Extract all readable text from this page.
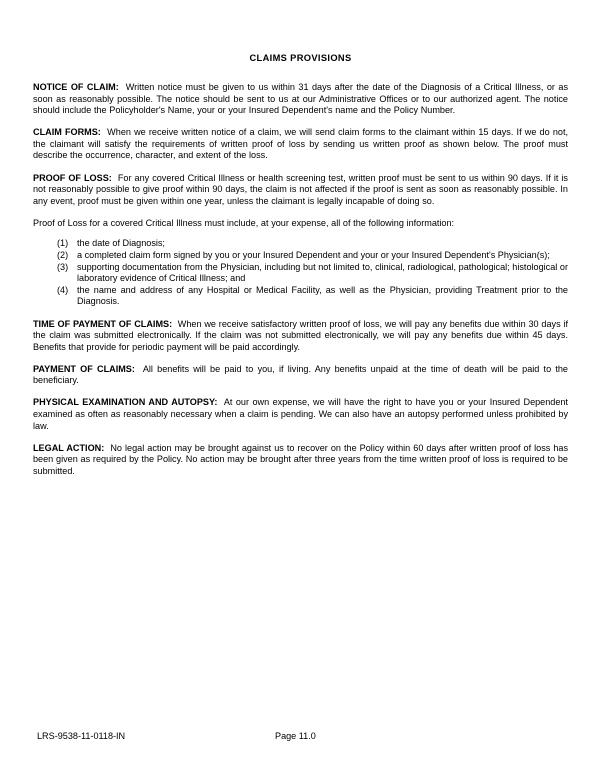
CLAIMS PROVISIONS

NOTICE OF CLAIM: Written notice must be given to us within 31 days after the date of the Diagnosis of a Critical Illness, or as soon as reasonably possible. The notice should be sent to us at our Administrative Offices or to our authorized agent. The notice should include the Policyholder's Name, your or your Insured Dependent's name and the Policy Number.

CLAIM FORMS: When we receive written notice of a claim, we will send claim forms to the claimant within 15 days. If we do not, the claimant will satisfy the requirements of written proof of loss by sending us written proof as shown below. The proof must describe the occurrence, character, and extent of the loss.

PROOF OF LOSS: For any covered Critical Illness or health screening test, written proof must be sent to us within 90 days. If it is not reasonably possible to give proof within 90 days, the claim is not affected if the proof is sent as soon as reasonably possible. In any event, proof must be given within one year, unless the claimant is legally incapable of doing so.

Proof of Loss for a covered Critical Illness must include, at your expense, all of the following information:

(1) the date of Diagnosis;
(2) a completed claim form signed by you or your Insured Dependent and your or your Insured Dependent's Physician(s);
(3) supporting documentation from the Physician, including but not limited to, clinical, radiological, pathological; histological or laboratory evidence of Critical Illness; and
(4) the name and address of any Hospital or Medical Facility, as well as the Physician, providing Treatment prior to the Diagnosis.

TIME OF PAYMENT OF CLAIMS: When we receive satisfactory written proof of loss, we will pay any benefits due within 30 days if the claim was submitted electronically. If the claim was not submitted electronically, we will pay any benefits due within 45 days. Benefits that provide for periodic payment will be paid accordingly.

PAYMENT OF CLAIMS: All benefits will be paid to you, if living. Any benefits unpaid at the time of death will be paid to the beneficiary.

PHYSICAL EXAMINATION AND AUTOPSY: At our own expense, we will have the right to have you or your Insured Dependent examined as often as reasonably necessary when a claim is pending. We can also have an autopsy performed unless prohibited by law.

LEGAL ACTION: No legal action may be brought against us to recover on the Policy within 60 days after written proof of loss has been given as required by the Policy. No action may be brought after three years from the time written proof of loss is required to be submitted.

LRS-9538-11-0118-IN	Page 11.0
